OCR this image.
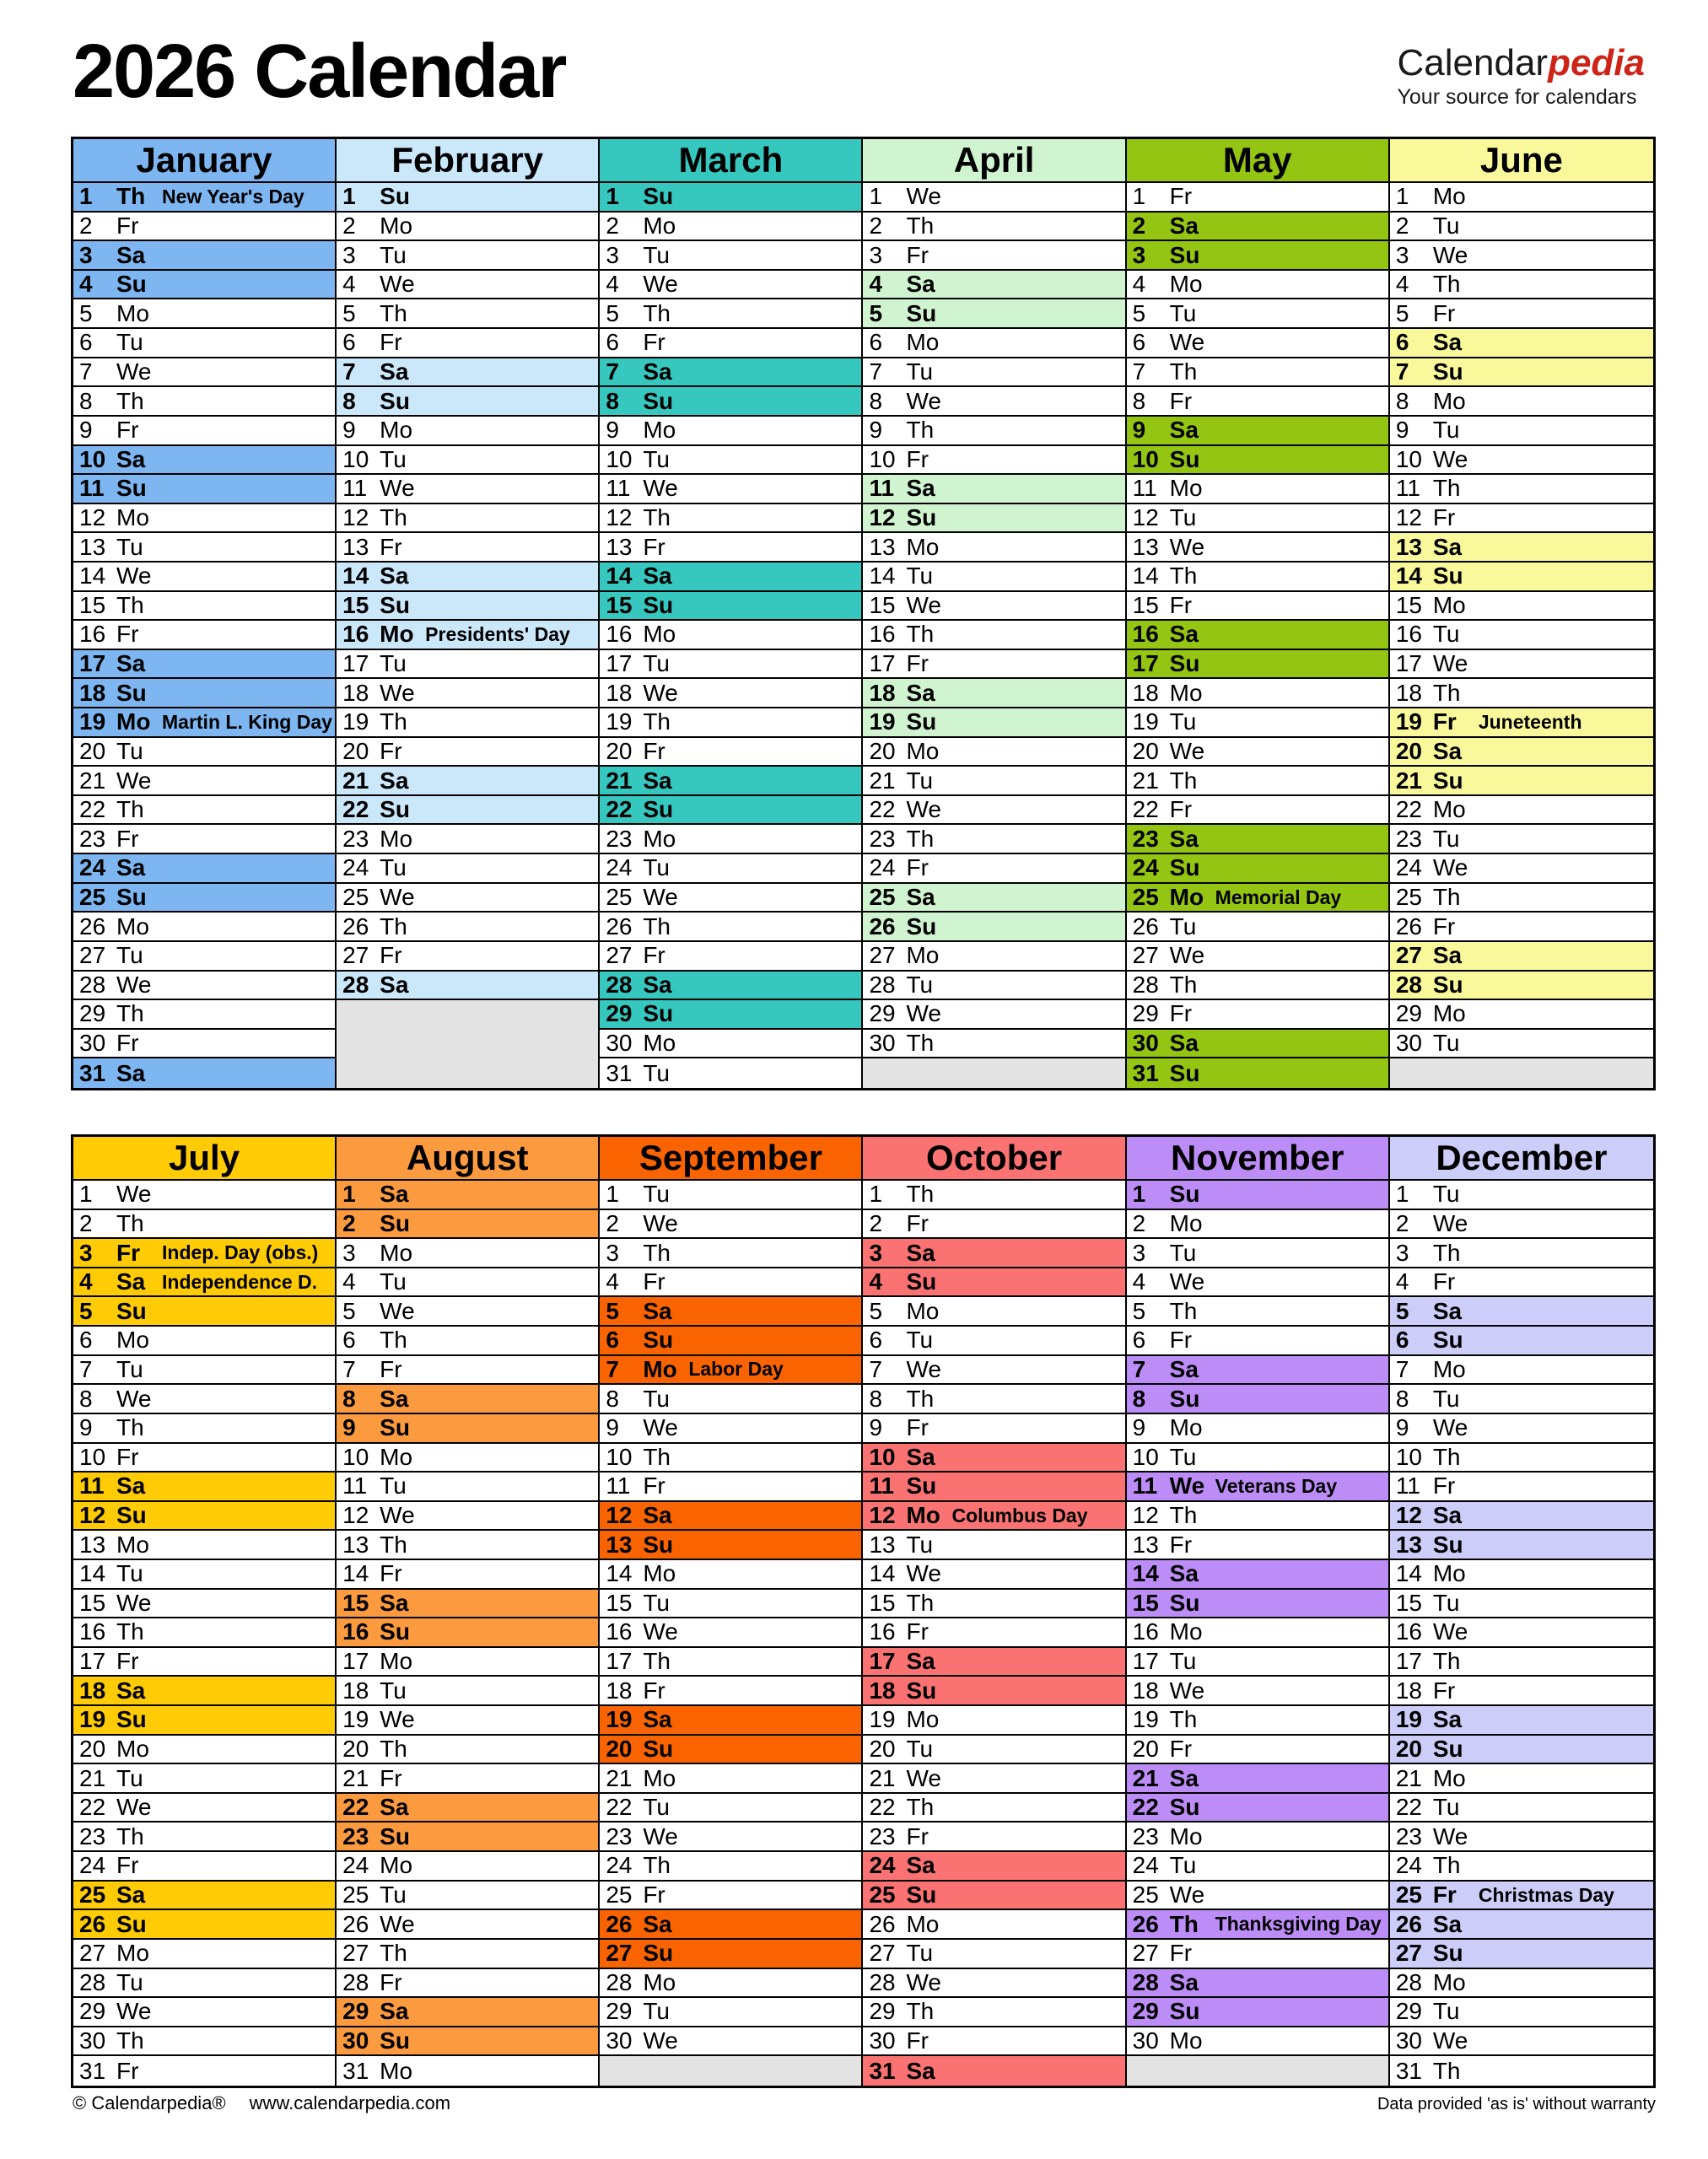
2026 Calendar	Calendarpedia
Your source for calendars
January
1	Th New Year's Day
2	Fr
3	Sa
4	Su
5	Mo
6	Tu
7	We
8	Th
9	Fr
10 Sa
11 Su
12 Mo
13 Tu
14 We
15 Th
16 Fr
17 Sa
18 Su
19 Mo Martin L. King Day
20 Tu
21 We
22 Th
23 Fr
24 Sa
25 Su
26 Mo
27 Tu
28 We
29 Th
30 Fr
31 Sa
February
1	Su
2	Mo
3	Tu
4	We
5	Th
6	Fr
7	Sa
8	Su
9	Mo
10 Tu
11 We
12 Th
13 Fr
14 Sa
15 Su
16 Mo Presidents' Day
17 Tu
18 We
19 Th
20 Fr
21 Sa
22 Su
23 Mo
24 Tu
25 We
26 Th
27 Fr
28 Sa
March
1	Su
2	Mo
3	Tu
4	We
5	Th
6	Fr
7	Sa
8	Su
9	Mo
10 Tu
11 We
12 Th
13 Fr
14 Sa
15 Su
16 Mo
17 Tu
18 We
19 Th
20 Fr
21 Sa
22 Su
23 Mo
24 Tu
25 We
26 Th
27 Fr
28 Sa
29 Su
30 Mo
31 Tu
April
1	We
2	Th
3	Fr
4	Sa
5	Su
6	Mo
7	Tu
8	We
9	Th
10 Fr
11 Sa
12 Su
13 Mo
14 Tu
15 We
16 Th
17 Fr
18 Sa
19 Su
20 Mo
21 Tu
22 We
23 Th
24 Fr
25 Sa
26 Su
27 Mo
28 Tu
29 We
30 Th
May
1	Fr
2	Sa
3	Su
4	Mo
5	Tu
6	We
7	Th
8	Fr
9	Sa
10 Su
11 Mo
12 Tu
13 We
14 Th
15 Fr
16 Sa
17 Su
18 Mo
19 Tu
20 We
21 Th
22 Fr
23 Sa
24 Su
25 Mo Memorial Day
26 Tu
27 We
28 Th
29 Fr
30 Sa
31 Su
June
1	Mo
2	Tu
3	We
4	Th
5	Fr
6	Sa
7	Su
8	Mo
9	Tu
10 We
11 Th
12 Fr
13 Sa
14 Su
15 Mo
16 Tu
17 We
18 Th
19 Fr	Juneteenth
20 Sa
21 Su
22 Mo
23 Tu
24 We
25 Th
26 Fr
27 Sa
28 Su
29 Mo
30 Tu
July
1	We
2	Th
3	Fr	Indep. Day (obs.)
4	Sa Independence D.
5	Su
6	Mo
7	Tu
8	We
9	Th
10 Fr
11 Sa
12 Su
13 Mo
14 Tu
15 We
16 Th
17 Fr
18 Sa
19 Su
20 Mo
21 Tu
22 We
23 Th
24 Fr
25 Sa
26 Su
27 Mo
28 Tu
29 We
30 Th
31 Fr
August
1	Sa
2	Su
3	Mo
4	Tu
5	We
6	Th
7	Fr
8	Sa
9	Su
10 Mo
11 Tu
12 We
13 Th
14 Fr
15 Sa
16 Su
17 Mo
18 Tu
19 We
20 Th
21 Fr
22 Sa
23 Su
24 Mo
25 Tu
26 We
27 Th
28 Fr
29 Sa
30 Su
31 Mo
September
1	Tu
2	We
3	Th
4	Fr
5	Sa
6	Su
7	Mo Labor Day
8	Tu
9	We
10 Th
11 Fr
12 Sa
13 Su
14 Mo
15 Tu
16 We
17 Th
18 Fr
19 Sa
20 Su
21 Mo
22 Tu
23 We
24 Th
25 Fr
26 Sa
27 Su
28 Mo
29 Tu
30 We
October
1	Th
2	Fr
3	Sa
4	Su
5	Mo
6	Tu
7	We
8	Th
9	Fr
10 Sa
11 Su
12 Mo Columbus Day
13 Tu
14 We
15 Th
16 Fr
17 Sa
18 Su
19 Mo
20 Tu
21 We
22 Th
23 Fr
24 Sa
25 Su
26 Mo
27 Tu
28 We
29 Th
30 Fr
31 Sa
November
1	Su
2	Mo
3	Tu
4	We
5	Th
6	Fr
7	Sa
8	Su
9	Mo
10 Tu
11 We Veterans Day
12 Th
13 Fr
14 Sa
15 Su
16 Mo
17 Tu
18 We
19 Th
20 Fr
21 Sa
22 Su
23 Mo
24 Tu
25 We
26 Th Thanksgiving Day
27 Fr
28 Sa
29 Su
30 Mo
December
1	Tu
2	We
3	Th
4	Fr
5	Sa
6	Su
7	Mo
8	Tu
9	We
10 Th
11 Fr
12 Sa
13 Su
14 Mo
15 Tu
16 We
17 Th
18 Fr
19 Sa
20 Su
21 Mo
22 Tu
23 We
24 Th
25 Fr	Christmas Day
26 Sa
27 Su
28 Mo
29 Tu
30 We
31 Th
© Calendarpedia® www.calendarpedia.com	Data provided 'as is' without warranty
